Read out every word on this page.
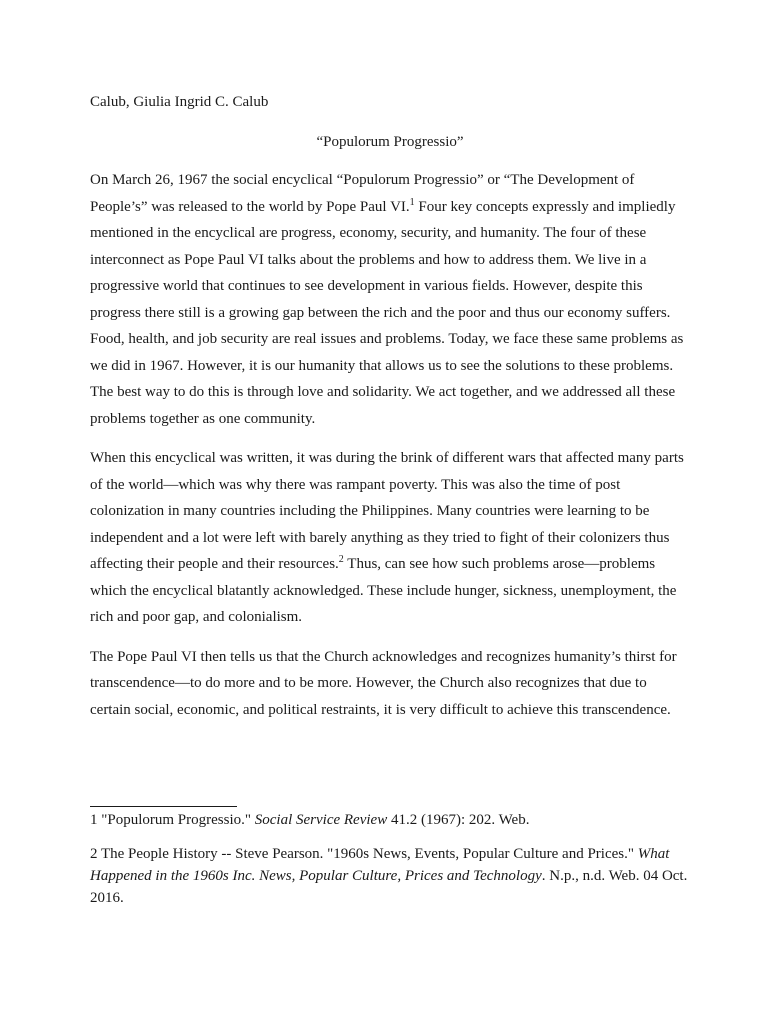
Calub, Giulia Ingrid C. Calub

“Populorum Progressio”

On March 26, 1967 the social encyclical “Populorum Progressio” or “The Development of People’s” was released to the world by Pope Paul VI.$^1$ Four key concepts expressly and impliedly mentioned in the encyclical are progress, economy, security, and humanity. The four of these interconnect as Pope Paul VI talks about the problems and how to address them. We live in a progressive world that continues to see development in various fields. However, despite this progress there still is a growing gap between the rich and the poor and thus our economy suffers. Food, health, and job security are real issues and problems. Today, we face these same problems as we did in 1967. However, it is our humanity that allows us to see the solutions to these problems. The best way to do this is through love and solidarity. We act together, and we addressed all these problems together as one community.

When this encyclical was written, it was during the brink of different wars that affected many parts of the world—which was why there was rampant poverty. This was also the time of post colonization in many countries including the Philippines. Many countries were learning to be independent and a lot were left with barely anything as they tried to fight of their colonizers thus affecting their people and their resources.$^2$ Thus, can see how such problems arose—problems which the encyclical blatantly acknowledged. These include hunger, sickness, unemployment, the rich and poor gap, and colonialism.

The Pope Paul VI then tells us that the Church acknowledges and recognizes humanity’s thirst for transcendence—to do more and to be more. However, the Church also recognizes that due to certain social, economic, and political restraints, it is very difficult to achieve this transcendence.

1 "Populorum Progressio." Social Service Review 41.2 (1967): 202. Web.

2 The People History -- Steve Pearson. "1960s News, Events, Popular Culture and Prices." What Happened in the 1960s Inc. News, Popular Culture, Prices and Technology. N.p., n.d. Web. 04 Oct. 2016.
